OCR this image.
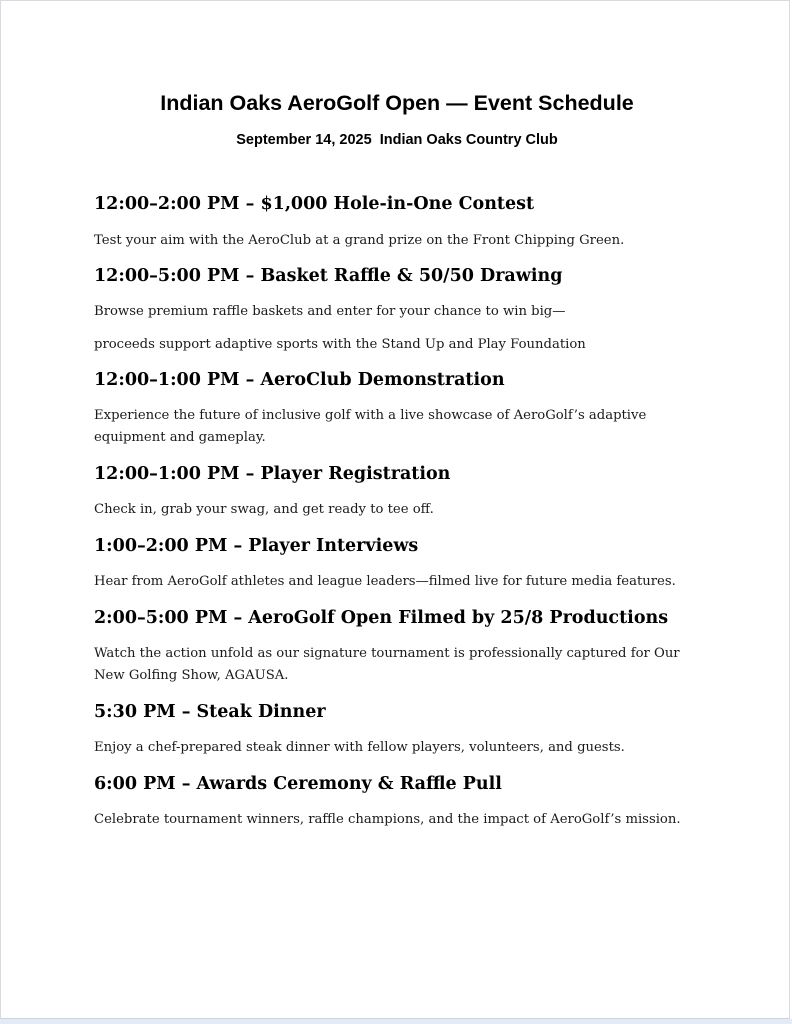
Indian Oaks AeroGolf Open — Event Schedule
September 14, 2025  Indian Oaks Country Club
12:00–2:00 PM – $1,000 Hole-in-One Contest
Test your aim with the AeroClub at a grand prize on the Front Chipping Green.
12:00–5:00 PM – Basket Raffle & 50/50 Drawing
Browse premium raffle baskets and enter for your chance to win big—
proceeds support adaptive sports with the Stand Up and Play Foundation
12:00–1:00 PM – AeroClub Demonstration
Experience the future of inclusive golf with a live showcase of AeroGolf’s adaptive equipment and gameplay.
12:00–1:00 PM – Player Registration
Check in, grab your swag, and get ready to tee off.
1:00–2:00 PM – Player Interviews
Hear from AeroGolf athletes and league leaders—filmed live for future media features.
2:00–5:00 PM – AeroGolf Open Filmed by 25/8 Productions
Watch the action unfold as our signature tournament is professionally captured for Our New Golfing Show, AGAUSA.
5:30 PM – Steak Dinner
Enjoy a chef-prepared steak dinner with fellow players, volunteers, and guests.
6:00 PM – Awards Ceremony & Raffle Pull
Celebrate tournament winners, raffle champions, and the impact of AeroGolf’s mission.
